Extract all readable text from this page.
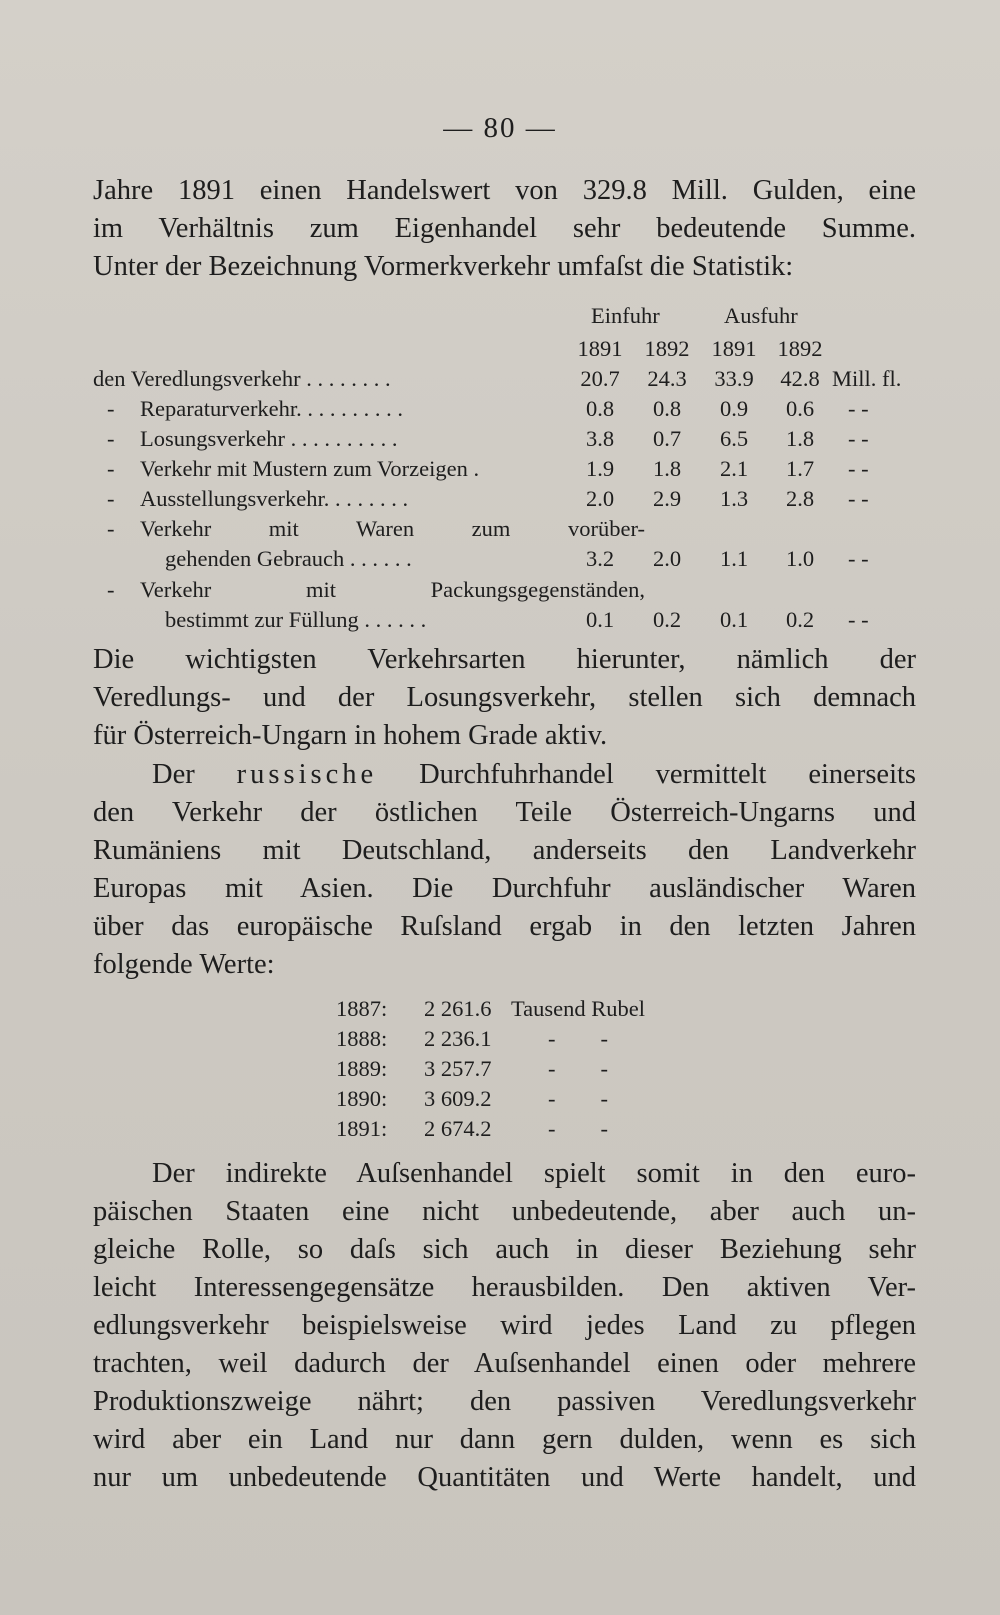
— 80 —
Jahre 1891 einen Handelswert von 329.8 Mill. Gulden, eine
im Verhältnis zum Eigenhandel sehr bedeutende Summe.
Unter der Bezeichnung Vormerkverkehr umfaſst die Statistik:
Einfuhr	Ausfuhr
1891 1892 1891 1892
den Veredlungsverkehr . . . . . . . .	20.7	24.3	33.9	42.8 Mill. fl.
- Reparaturverkehr. . . . . . . . . .	0.8	0.8	0.9	0.6	- -
- Losungsverkehr . . . . . . . . . .	3.8	0.7	6.5	1.8	- -
- Verkehr mit Mustern zum Vorzeigen .	1.9	1.8	2.1	1.7	- -
- Ausstellungsverkehr. . . . . . . .	2.0	2.9	1.3	2.8	- -
- Verkehr mit Waren zum vorüber-
gehenden Gebrauch . . . . . .	3.2	2.0	1.1	1.0	- -
- Verkehr mit Packungsgegenständen,
bestimmt zur Füllung . . . . . .	0.1	0.2	0.1	0.2	- -
Die wichtigsten Verkehrsarten hierunter, nämlich der
Veredlungs- und der Losungsverkehr, stellen sich demnach
für Österreich-Ungarn in hohem Grade aktiv.
Der russische Durchfuhrhandel vermittelt einerseits
den Verkehr der östlichen Teile Österreich-Ungarns und
Rumäniens mit Deutschland, anderseits den Landverkehr
Europas mit Asien. Die Durchfuhr ausländischer Waren
über das europäische Ruſsland ergab in den letzten Jahren
folgende Werte:
1887: 2 261.6 Tausend Rubel
1888: 2 236.1	-        -
1889: 3 257.7	-        -
1890: 3 609.2	-        -
1891: 2 674.2	-        -
Der indirekte Auſsenhandel spielt somit in den euro-
päischen Staaten eine nicht unbedeutende, aber auch un-
gleiche Rolle, so daſs sich auch in dieser Beziehung sehr
leicht Interessengegensätze herausbilden. Den aktiven Ver-
edlungsverkehr beispielsweise wird jedes Land zu pflegen
trachten, weil dadurch der Auſsenhandel einen oder mehrere
Produktionszweige nährt; den passiven Veredlungsverkehr
wird aber ein Land nur dann gern dulden, wenn es sich
nur um unbedeutende Quantitäten und Werte handelt, und
